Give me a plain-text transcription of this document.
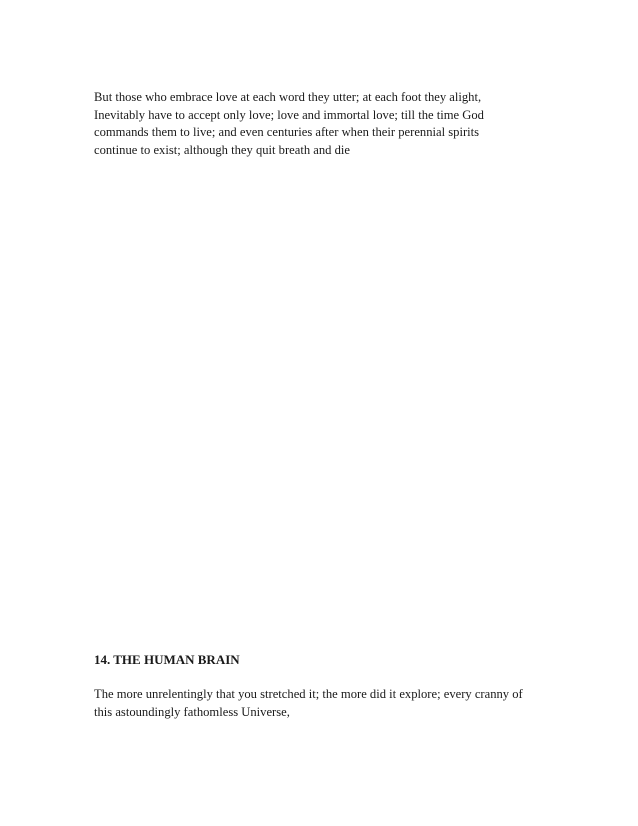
But those who embrace love at each word they utter; at each foot they alight,
Inevitably have to accept only love; love and immortal love; till the time God
commands them to live; and even centuries after when their perennial spirits
continue to exist; although they quit breath and die

14. THE HUMAN BRAIN

The more unrelentingly that you stretched it; the more did it explore; every cranny of
this astoundingly fathomless Universe,
